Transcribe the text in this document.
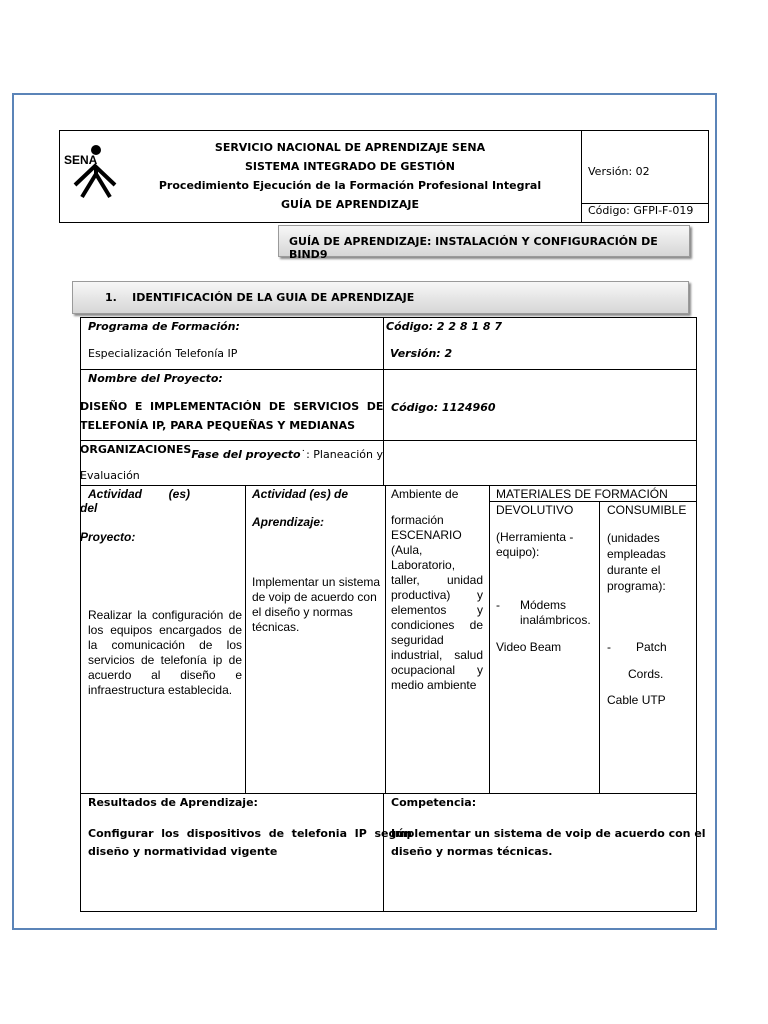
SENA
SERVICIO NACIONAL DE APRENDIZAJE SENA
SISTEMA INTEGRADO DE GESTIÓN
Procedimiento Ejecución de la Formación Profesional Integral
GUÍA DE APRENDIZAJE
Versión: 02
Código: GFPI-F-019
GUÍA DE APRENDIZAJE: INSTALACIÓN Y CONFIGURACIÓN DE BIND9
1. IDENTIFICACIÓN DE LA GUIA DE APRENDIZAJE
Programa de Formación:
Especialización Telefonía IP
Código: 2 2 8 1 8 7
Versión: 2
Nombre del Proyecto:
DISEÑO  E  IMPLEMENTACIÓN  DE  SERVICIOS  DE
TELEFONÍA IP, PARA PEQUEÑAS Y MEDIANAS
Código: 1124960
ORGANIZACIONESFase del proyecto˙: Planeación y
Evaluación
Actividad        (es)
del
Proyecto:
Realizar la configuración de los equipos encargados de la comunicación de los servicios de telefonía ip de acuerdo al diseño e infraestructura establecida.
Actividad (es) de
Aprendizaje:
Implementar un sistema de voip de acuerdo con el diseño y normas técnicas.
Ambiente de
formación ESCENARIO (Aula, Laboratorio, taller, unidad productiva) y elementos y condiciones de seguridad industrial, salud ocupacional y medio ambiente
MATERIALES DE FORMACIÓN
DEVOLUTIVO	CONSUMIBLE
(Herramienta - equipo):
- Módems inalámbricos.
Video Beam
(unidades empleadas durante el programa):
- Patch
Cords.
Cable UTP
Resultados de Aprendizaje:
Configurar  los  dispositivos  de  telefonia  IP  según
diseño y normatividad vigente
Competencia:
Implementar un sistema de voip de acuerdo con el
diseño y normas técnicas.
